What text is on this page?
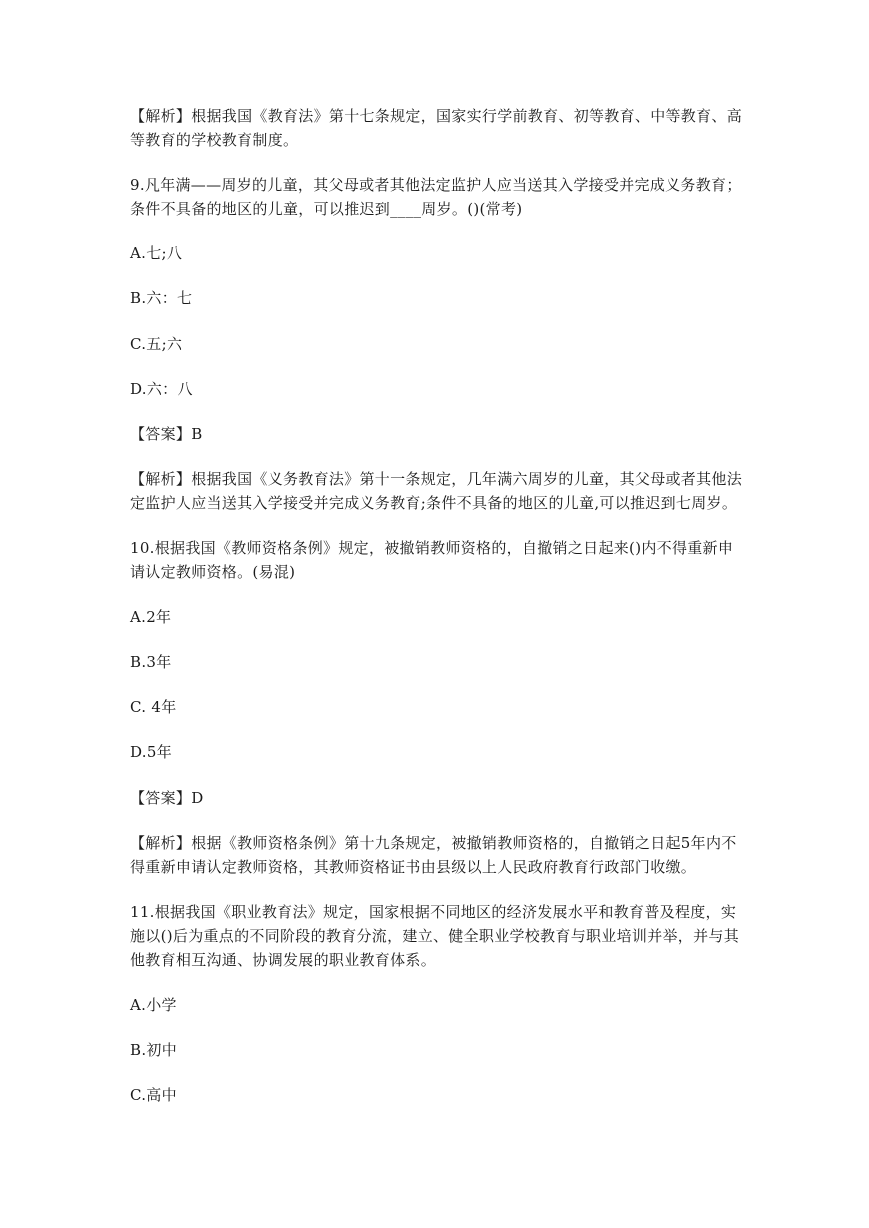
【解析】根据我国《教育法》第十七条规定，国家实行学前教育、初等教育、中等教育、高
等教育的学校教育制度。
9.凡年满——周岁的儿童，其父母或者其他法定监护人应当送其入学接受并完成义务教育；
条件不具备的地区的儿童，可以推迟到____周岁。()(常考)
A.七;八
B.六：七
C.五;六
D.六：八
【答案】B
【解析】根据我国《义务教育法》第十一条规定，几年满六周岁的儿童，其父母或者其他法
定监护人应当送其入学接受并完成义务教育;条件不具备的地区的儿童,可以推迟到七周岁。
10.根据我国《教师资格条例》规定，被撤销教师资格的，自撤销之日起来()内不得重新申
请认定教师资格。(易混)
A.2年
B.3年
C. 4年
D.5年
【答案】D
【解析】根据《教师资格条例》第十九条规定，被撤销教师资格的，自撤销之日起5年内不
得重新申请认定教师资格，其教师资格证书由县级以上人民政府教育行政部门收缴。
11.根据我国《职业教育法》规定，国家根据不同地区的经济发展水平和教育普及程度，实
施以()后为重点的不同阶段的教育分流，建立、健全职业学校教育与职业培训并举，并与其
他教育相互沟通、协调发展的职业教育体系。
A.小学
B.初中
C.高中
